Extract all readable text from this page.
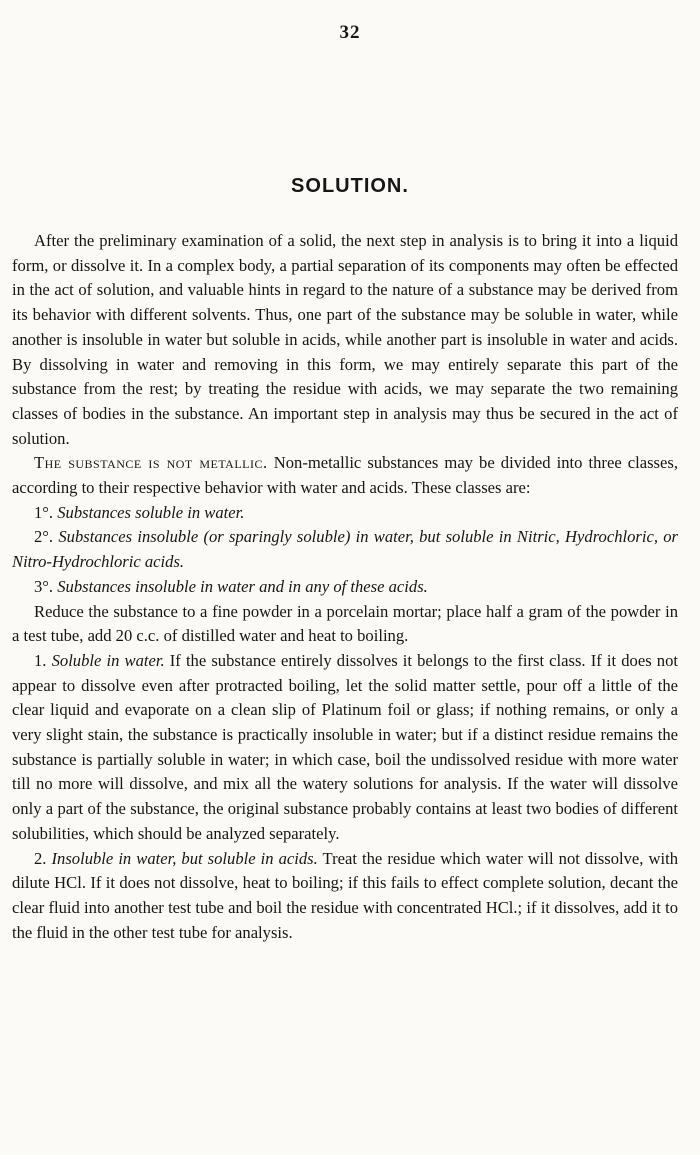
32
SOLUTION.

After the preliminary examination of a solid, the next step in analysis is to bring it into a liquid form, or dissolve it. In a complex body, a partial separation of its components may often be effected in the act of solution, and valuable hints in regard to the nature of a substance may be derived from its behavior with different solvents. Thus, one part of the substance may be soluble in water, while another is insoluble in water but soluble in acids, while another part is insoluble in water and acids. By dissolving in water and removing in this form, we may entirely separate this part of the substance from the rest; by treating the residue with acids, we may separate the two remaining classes of bodies in the substance. An important step in analysis may thus be secured in the act of solution.

The substance is not metallic. Non-metallic substances may be divided into three classes, according to their respective behavior with water and acids. These classes are:

1°. Substances soluble in water.

2°. Substances insoluble (or sparingly soluble) in water, but soluble in Nitric, Hydrochloric, or Nitro-Hydrochloric acids.

3°. Substances insoluble in water and in any of these acids.

Reduce the substance to a fine powder in a porcelain mortar; place half a gram of the powder in a test tube, add 20 c.c. of distilled water and heat to boiling.

1. Soluble in water. If the substance entirely dissolves it belongs to the first class. If it does not appear to dissolve even after protracted boiling, let the solid matter settle, pour off a little of the clear liquid and evaporate on a clean slip of Platinum foil or glass; if nothing remains, or only a very slight stain, the substance is practically insoluble in water; but if a distinct residue remains the substance is partially soluble in water; in which case, boil the undissolved residue with more water till no more will dissolve, and mix all the watery solutions for analysis. If the water will dissolve only a part of the substance, the original substance probably contains at least two bodies of different solubilities, which should be analyzed separately.

2. Insoluble in water, but soluble in acids. Treat the residue which water will not dissolve, with dilute HCl. If it does not dissolve, heat to boiling; if this fails to effect complete solution, decant the clear fluid into another test tube and boil the residue with concentrated HCl.; if it dissolves, add it to the fluid in the other test tube for analysis.
